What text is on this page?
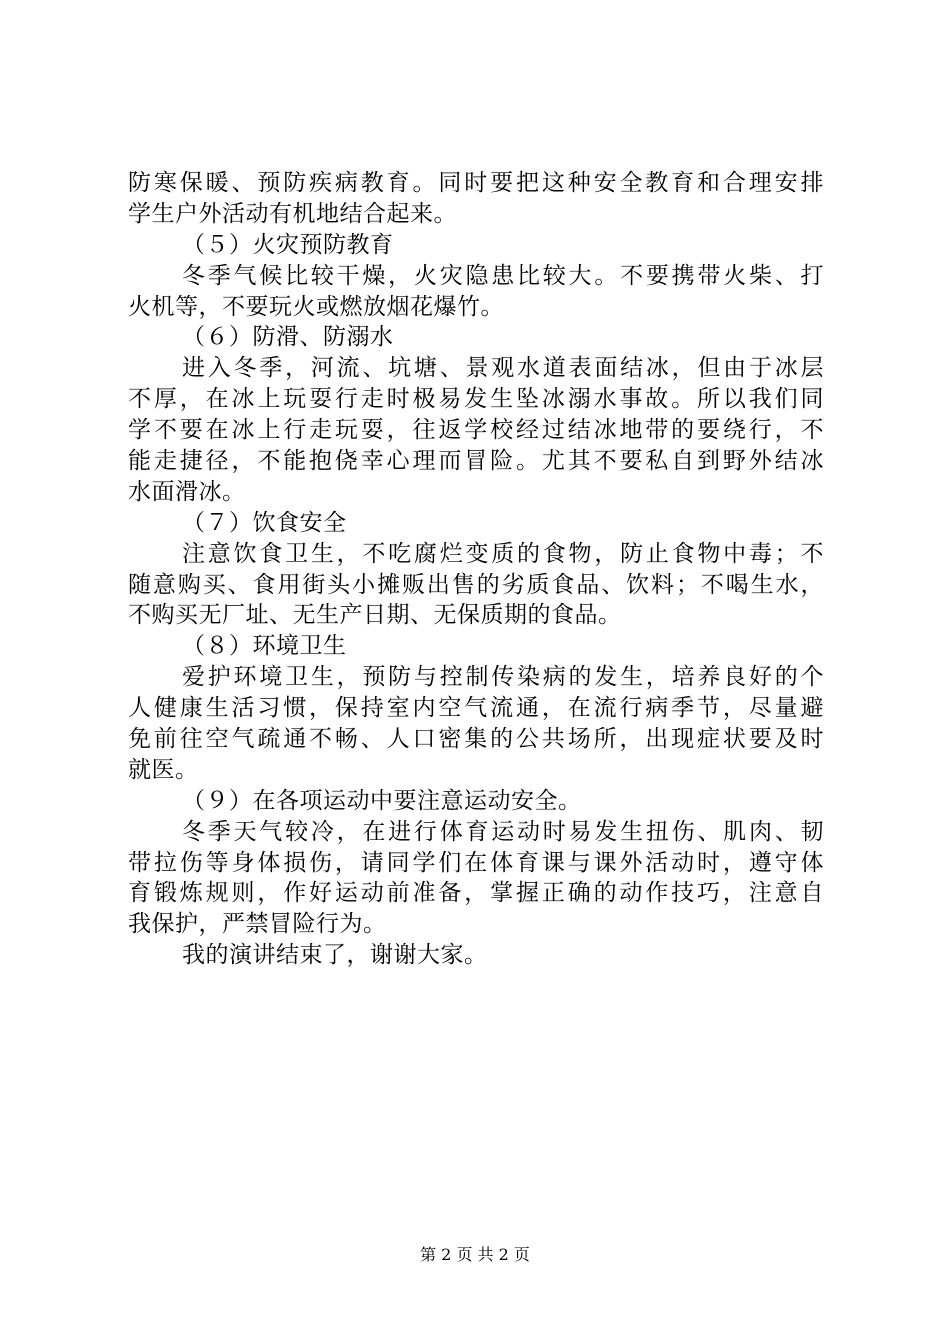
防寒保暖、预防疾病教育。同时要把这种安全教育和合理安排
学生户外活动有机地结合起来。
（５）火灾预防教育
冬季气候比较干燥，火灾隐患比较大。不要携带火柴、打
火机等，不要玩火或燃放烟花爆竹。
（６）防滑、防溺水
进入冬季，河流、坑塘、景观水道表面结冰，但由于冰层
不厚，在冰上玩耍行走时极易发生坠冰溺水事故。所以我们同
学不要在冰上行走玩耍，往返学校经过结冰地带的要绕行，不
能走捷径，不能抱侥幸心理而冒险。尤其不要私自到野外结冰
水面滑冰。
（７）饮食安全
注意饮食卫生，不吃腐烂变质的食物，防止食物中毒；不
随意购买、食用街头小摊贩出售的劣质食品、饮料；不喝生水，
不购买无厂址、无生产日期、无保质期的食品。
（８）环境卫生
爱护环境卫生，预防与控制传染病的发生，培养良好的个
人健康生活习惯，保持室内空气流通，在流行病季节，尽量避
免前往空气疏通不畅、人口密集的公共场所，出现症状要及时
就医。
（９）在各项运动中要注意运动安全。
冬季天气较冷，在进行体育运动时易发生扭伤、肌肉、韧
带拉伤等身体损伤，请同学们在体育课与课外活动时，遵守体
育锻炼规则，作好运动前准备，掌握正确的动作技巧，注意自
我保护，严禁冒险行为。
我的演讲结束了，谢谢大家。
第 2 页 共 2 页
